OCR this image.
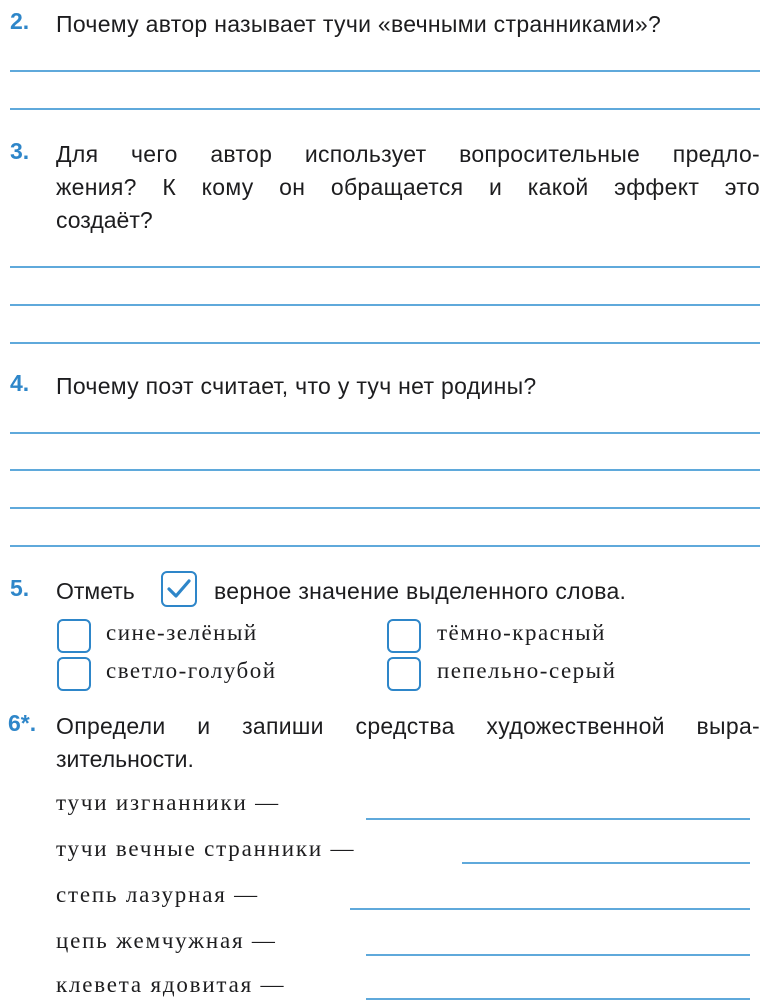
2. Почему автор называет тучи «вечными странниками»?
3. Для чего автор использует вопросительные предло-
жения? К кому он обращается и какой эффект это
создаёт?
4. Почему поэт считает, что у туч нет родины?
5. Отметь	верное значение выделенного слова.
сине-зелёный	тёмно-красный
светло-голубой	пепельно-серый
6*. Определи и запиши средства художественной выра-
зительности.
тучи изгнанники —
тучи вечные странники —
степь лазурная —
цепь жемчужная —
клевета ядовитая —
